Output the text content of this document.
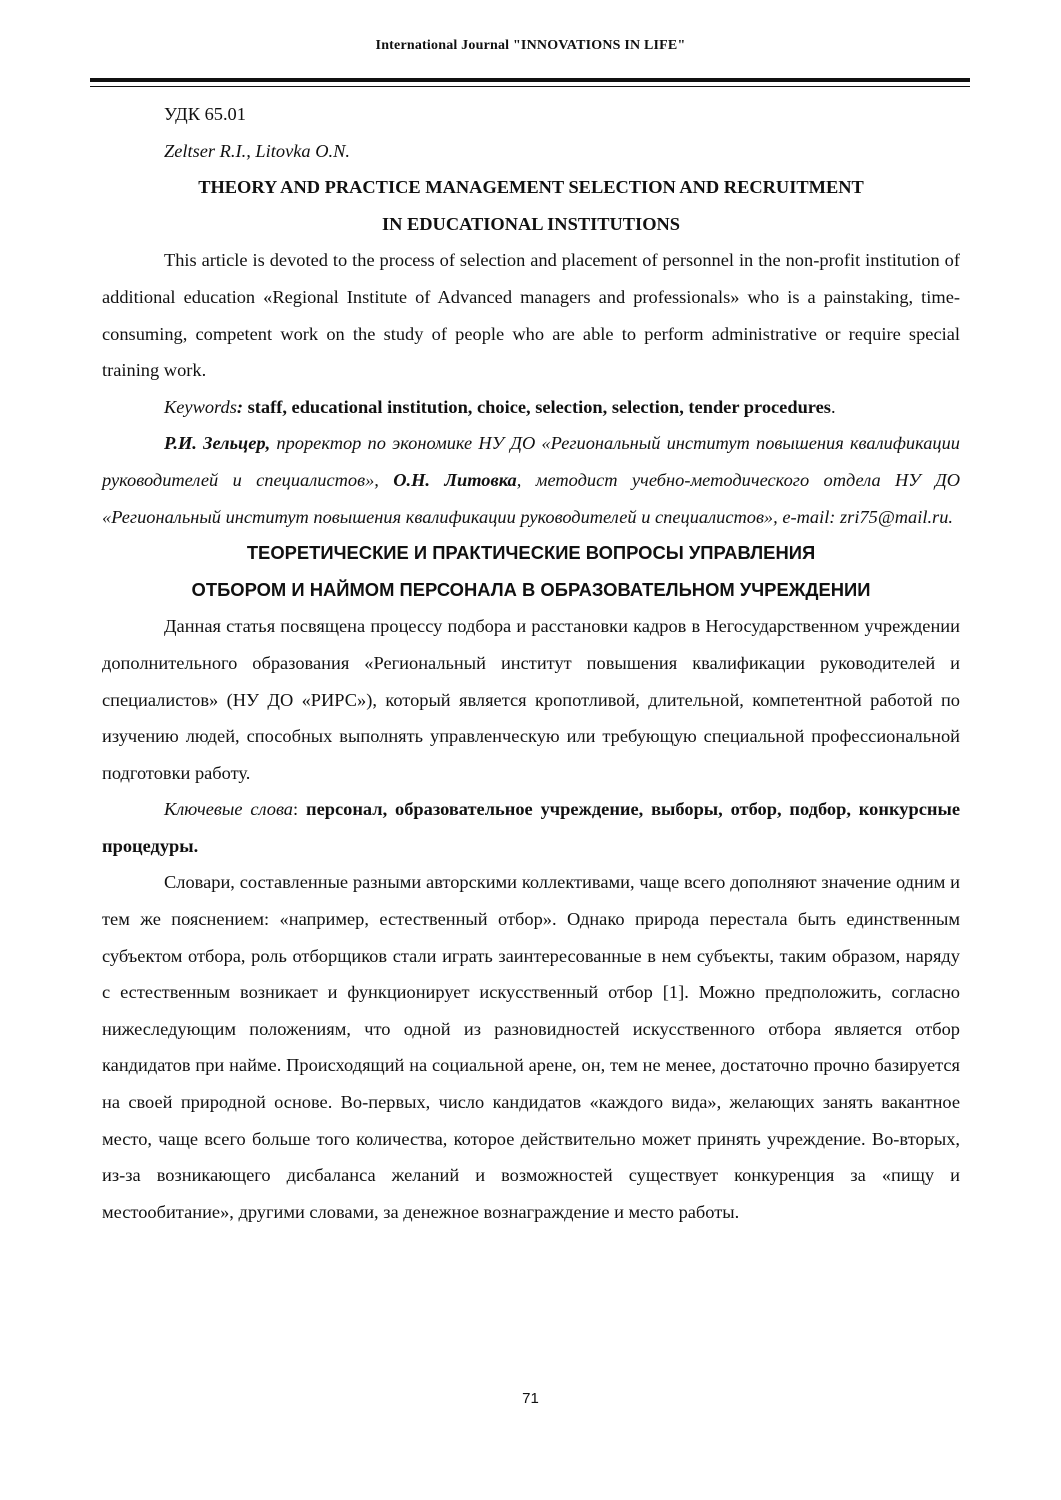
International Journal "INNOVATIONS IN LIFE"

УДК 65.01

Zeltser R.I., Litovka O.N.

THEORY AND PRACTICE MANAGEMENT SELECTION AND RECRUITMENT

IN EDUCATIONAL INSTITUTIONS

This article is devoted to the process of selection and placement of personnel in the non-profit institution of additional education «Regional Institute of Advanced managers and professionals» who is a painstaking, time-consuming, competent work on the study of people who are able to perform administrative or require special training work.

Keywords: staff, educational institution, choice, selection, selection, tender procedures.

Р.И. Зельцер, проректор по экономике НУ ДО «Региональный институт повышения квалификации руководителей и специалистов», О.Н. Литовка, методист учебно-методического отдела НУ ДО «Региональный институт повышения квалификации руководителей и специалистов», e-mail: zri75@mail.ru.

ТЕОРЕТИЧЕСКИЕ И ПРАКТИЧЕСКИЕ ВОПРОСЫ УПРАВЛЕНИЯ

ОТБОРОМ И НАЙМОМ ПЕРСОНАЛА В ОБРАЗОВАТЕЛЬНОМ УЧРЕЖДЕНИИ

Данная статья посвящена процессу подбора и расстановки кадров в Негосударственном учреждении дополнительного образования «Региональный институт повышения квалификации руководителей и специалистов» (НУ ДО «РИРС»), который является кропотливой, длительной, компетентной работой по изучению людей, способных выполнять управленческую или требующую специальной профессиональной подготовки работу.

Ключевые слова: персонал, образовательное учреждение, выборы, отбор, подбор, конкурсные процедуры.

Словари, составленные разными авторскими коллективами, чаще всего дополняют значение одним и тем же пояснением: «например, естественный отбор». Однако природа перестала быть единственным субъектом отбора, роль отборщиков стали играть заинтересованные в нем субъекты, таким образом, наряду с естественным возникает и функционирует искусственный отбор [1]. Можно предположить, согласно нижеследующим положениям, что одной из разновидностей искусственного отбора является отбор кандидатов при найме. Происходящий на социальной арене, он, тем не менее, достаточно прочно базируется на своей природной основе. Во-первых, число кандидатов «каждого вида», желающих занять вакантное место, чаще всего больше того количества, которое действительно может принять учреждение. Во-вторых, из-за возникающего дисбаланса желаний и возможностей существует конкуренция за «пищу и местообитание», другими словами, за денежное вознаграждение и место работы.

71
